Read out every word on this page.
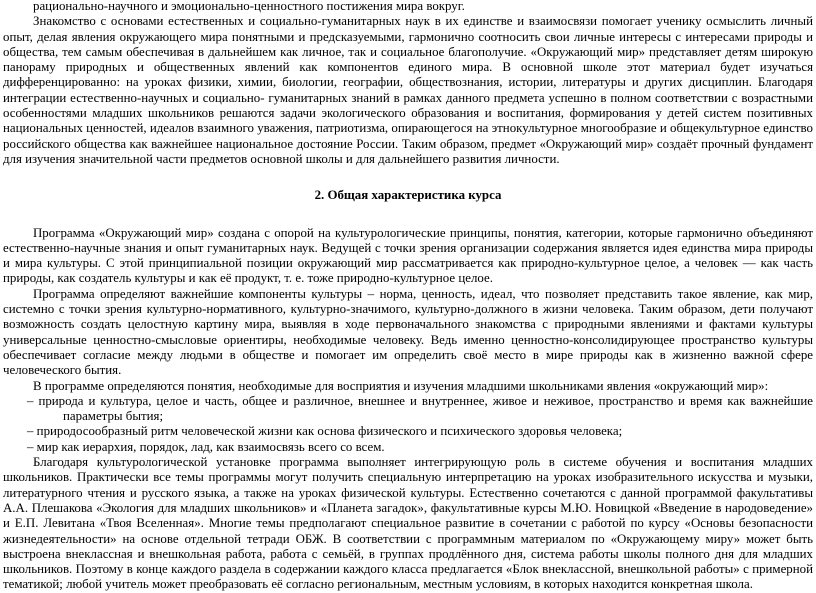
рационально-научного и эмоционально-ценностного постижения мира вокруг.

Знакомство с основами естественных и социально-гуманитарных наук в их единстве и взаимосвязи помогает ученику осмыслить личный опыт, делая явления окружающего мира понятными и предсказуемыми, гармонично соотносить свои личные интересы с интересами природы и общества, тем самым обеспечивая в дальнейшем как личное, так и социальное благополучие. «Окружающий мир» представляет детям широкую панораму природных и общественных явлений как компонентов единого мира. В основной школе этот материал будет изучаться дифференцированно: на уроках физики, химии, биологии, географии, обществознания, истории, литературы и других дисциплин. Благодаря интеграции естественно-научных и социально- гуманитарных знаний в рамках данного предмета успешно в полном соответствии с возрастными особенностями младших школьников решаются задачи экологического образования и воспитания, формирования у детей систем позитивных национальных ценностей, идеалов взаимного уважения, патриотизма, опирающегося на этнокультурное многообразие и общекультурное единство российского общества как важнейшее национальное достояние России. Таким образом, предмет «Окружающий мир» создаёт прочный фундамент для изучения значительной части предметов основной школы и для дальнейшего развития личности.

2. Общая характеристика курса

Программа «Окружающий мир» создана с опорой на культурологические принципы, понятия, категории, которые гармонично объединяют естественно-научные знания и опыт гуманитарных наук. Ведущей с точки зрения организации содержания является идея единства мира природы и мира культуры. С этой принципиальной позиции окружающий мир рассматривается как природно-культурное целое, а человек — как часть природы, как создатель культуры и как её продукт, т. е. тоже природно-культурное целое.

Программа определяют важнейшие компоненты культуры – норма, ценность, идеал, что позволяет представить такое явление, как мир, системно с точки зрения культурно-нормативного, культурно-значимого, культурно-должного в жизни человека. Таким образом, дети получают возможность создать целостную картину мира, выявляя в ходе первоначального знакомства с природными явлениями и фактами культуры универсальные ценностно-смысловые ориентиры, необходимые человеку. Ведь именно ценностно-консолидирующее пространство культуры обеспечивает согласие между людьми в обществе и помогает им определить своё место в мире природы как в жизненно важной сфере человеческого бытия.

В программе определяются понятия, необходимые для восприятия и изучения младшими школьниками явления «окружающий мир»:

– природа и культура, целое и часть, общее и различное, внешнее и внутреннее, живое и неживое, пространство и время как важнейшие параметры бытия;
– природосообразный ритм человеческой жизни как основа физического и психического здоровья человека;
– мир как иерархия, порядок, лад, как взаимосвязь всего со всем.

Благодаря культурологической установке программа выполняет интегрирующую роль в системе обучения и воспитания младших школьников. Практически все темы программы могут получить специальную интерпретацию на уроках изобразительного искусства и музыки, литературного чтения и русского языка, а также на уроках физической культуры. Естественно сочетаются с данной программой факультативы А.А. Плешакова «Экология для младших школьников» и «Планета загадок», факультативные курсы М.Ю. Новицкой «Введение в народоведение» и Е.П. Левитана «Твоя Вселенная». Многие темы предполагают специальное развитие в сочетании с работой по курсу «Основы безопасности жизнедеятельности» на основе отдельной тетради ОБЖ. В соответствии с программным материалом по «Окружающему миру» может быть выстроена внеклассная и внешкольная работа, работа с семьёй, в группах продлённого дня, система работы школы полного дня для младших школьников. Поэтому в конце каждого раздела в содержании каждого класса предлагается «Блок внеклассной, внешкольной работы» с примерной тематикой; любой учитель может преобразовать её согласно региональным, местным условиям, в которых находится конкретная школа.
